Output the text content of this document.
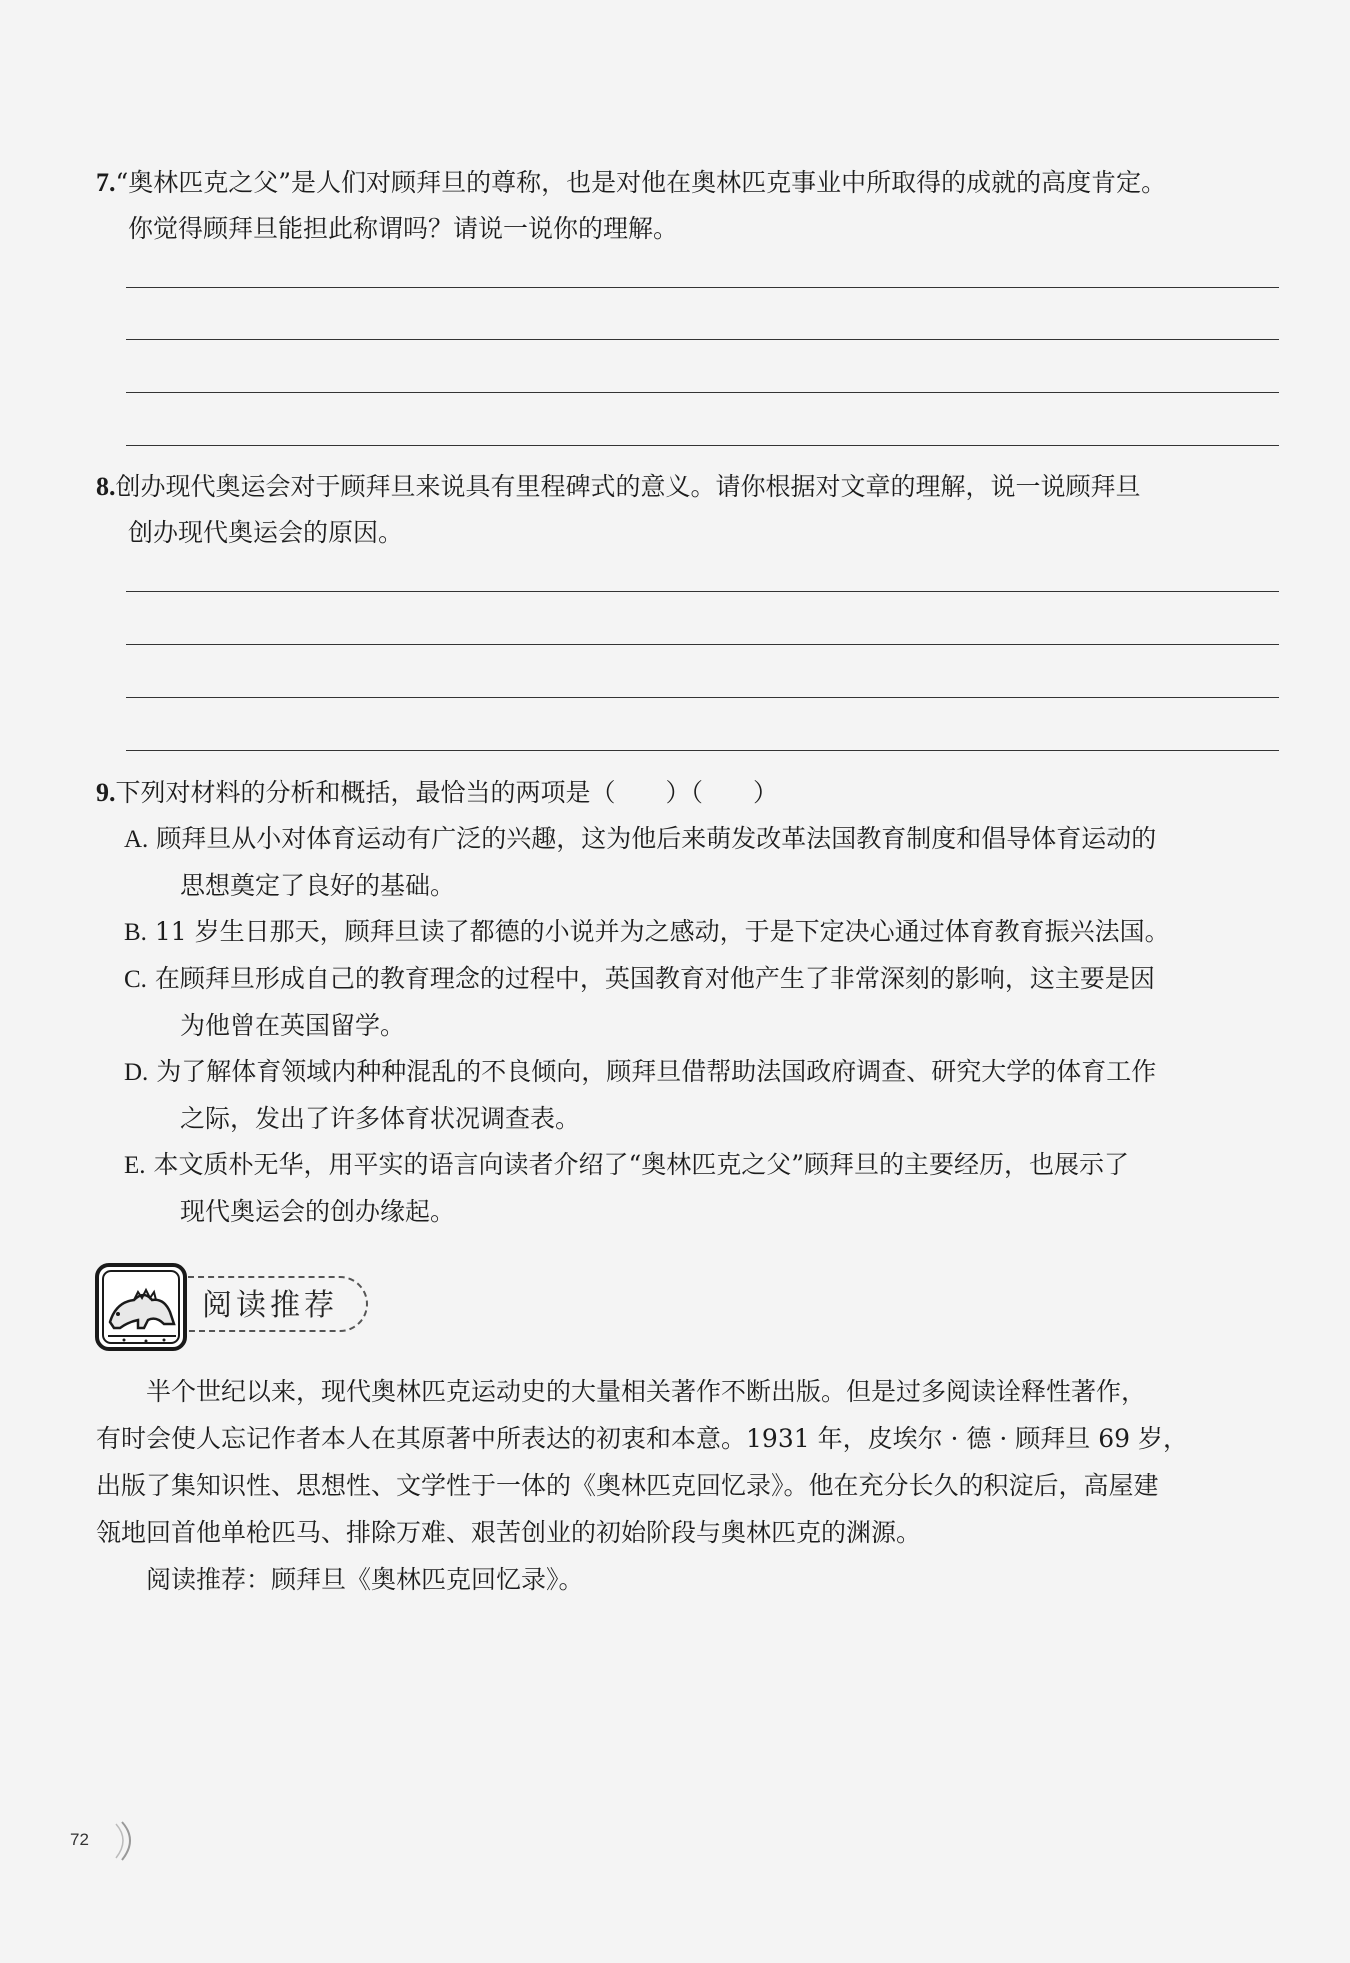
7.“奥林匹克之父”是人们对顾拜旦的尊称，也是对他在奥林匹克事业中所取得的成就的高度肯定。
你觉得顾拜旦能担此称谓吗？请说一说你的理解。
8.创办现代奥运会对于顾拜旦来说具有里程碑式的意义。请你根据对文章的理解，说一说顾拜旦
创办现代奥运会的原因。
9.下列对材料的分析和概括，最恰当的两项是（　　）（　　）
A. 顾拜旦从小对体育运动有广泛的兴趣，这为他后来萌发改革法国教育制度和倡导体育运动的
思想奠定了良好的基础。
B. 11 岁生日那天，顾拜旦读了都德的小说并为之感动，于是下定决心通过体育教育振兴法国。
C. 在顾拜旦形成自己的教育理念的过程中，英国教育对他产生了非常深刻的影响，这主要是因
为他曾在英国留学。
D. 为了解体育领域内种种混乱的不良倾向，顾拜旦借帮助法国政府调查、研究大学的体育工作
之际，发出了许多体育状况调查表。
E. 本文质朴无华，用平实的语言向读者介绍了“奥林匹克之父”顾拜旦的主要经历，也展示了
现代奥运会的创办缘起。
阅读推荐

　　半个世纪以来，现代奥林匹克运动史的大量相关著作不断出版。但是过多阅读诠释性著作，

有时会使人忘记作者本人在其原著中所表达的初衷和本意。1931 年，皮埃尔 · 德 · 顾拜旦 69 岁，

出版了集知识性、思想性、文学性于一体的《奥林匹克回忆录》。他在充分长久的积淀后，高屋建

瓴地回首他单枪匹马、排除万难、艰苦创业的初始阶段与奥林匹克的渊源。

　　阅读推荐：顾拜旦《奥林匹克回忆录》。

72
